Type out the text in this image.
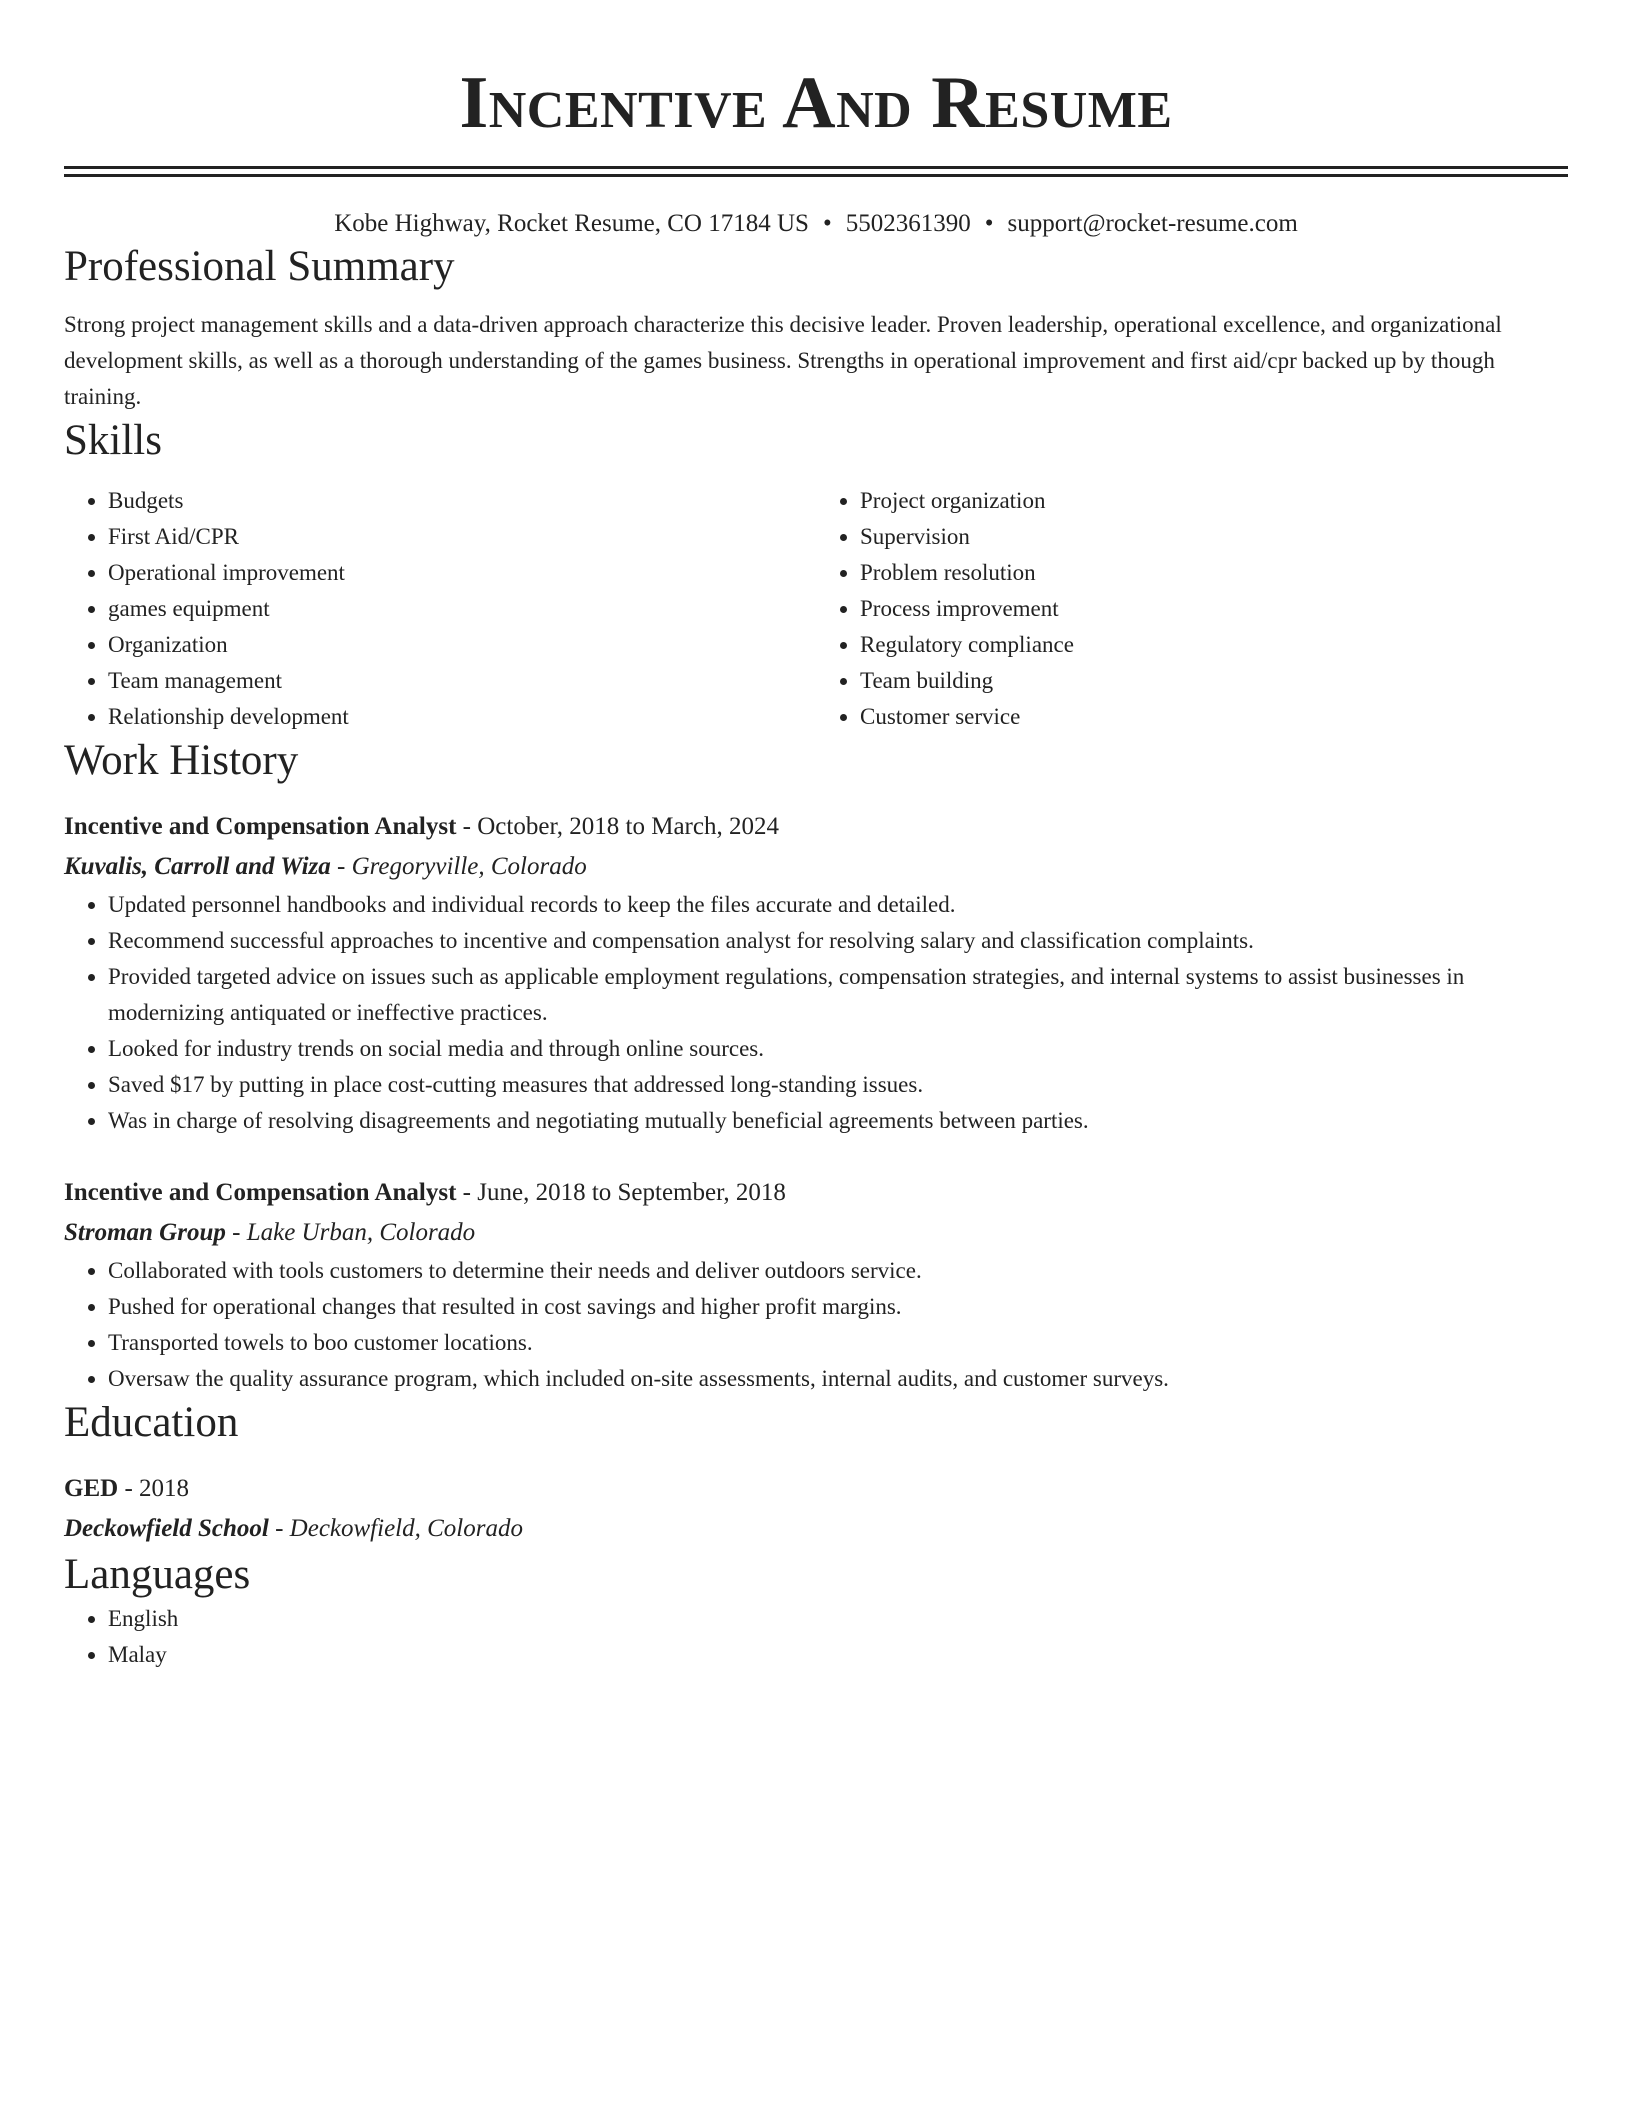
Incentive And Resume
Kobe Highway, Rocket Resume, CO 17184 US • 5502361390 • support@rocket-resume.com
Professional Summary
Strong project management skills and a data-driven approach characterize this decisive leader. Proven leadership, operational excellence, and organizational development skills, as well as a thorough understanding of the games business. Strengths in operational improvement and first aid/cpr backed up by though training.
Skills
• Budgets
• First Aid/CPR
• Operational improvement
• games equipment
• Organization
• Team management
• Relationship development
• Project organization
• Supervision
• Problem resolution
• Process improvement
• Regulatory compliance
• Team building
• Customer service
Work History
Incentive and Compensation Analyst - October, 2018 to March, 2024
Kuvalis, Carroll and Wiza - Gregoryville, Colorado
• Updated personnel handbooks and individual records to keep the files accurate and detailed.
• Recommend successful approaches to incentive and compensation analyst for resolving salary and classification complaints.
• Provided targeted advice on issues such as applicable employment regulations, compensation strategies, and internal systems to assist businesses in modernizing antiquated or ineffective practices.
• Looked for industry trends on social media and through online sources.
• Saved $17 by putting in place cost-cutting measures that addressed long-standing issues.
• Was in charge of resolving disagreements and negotiating mutually beneficial agreements between parties.
Incentive and Compensation Analyst - June, 2018 to September, 2018
Stroman Group - Lake Urban, Colorado
• Collaborated with tools customers to determine their needs and deliver outdoors service.
• Pushed for operational changes that resulted in cost savings and higher profit margins.
• Transported towels to boo customer locations.
• Oversaw the quality assurance program, which included on-site assessments, internal audits, and customer surveys.
Education
GED - 2018
Deckowfield School - Deckowfield, Colorado
Languages
• English
• Malay
